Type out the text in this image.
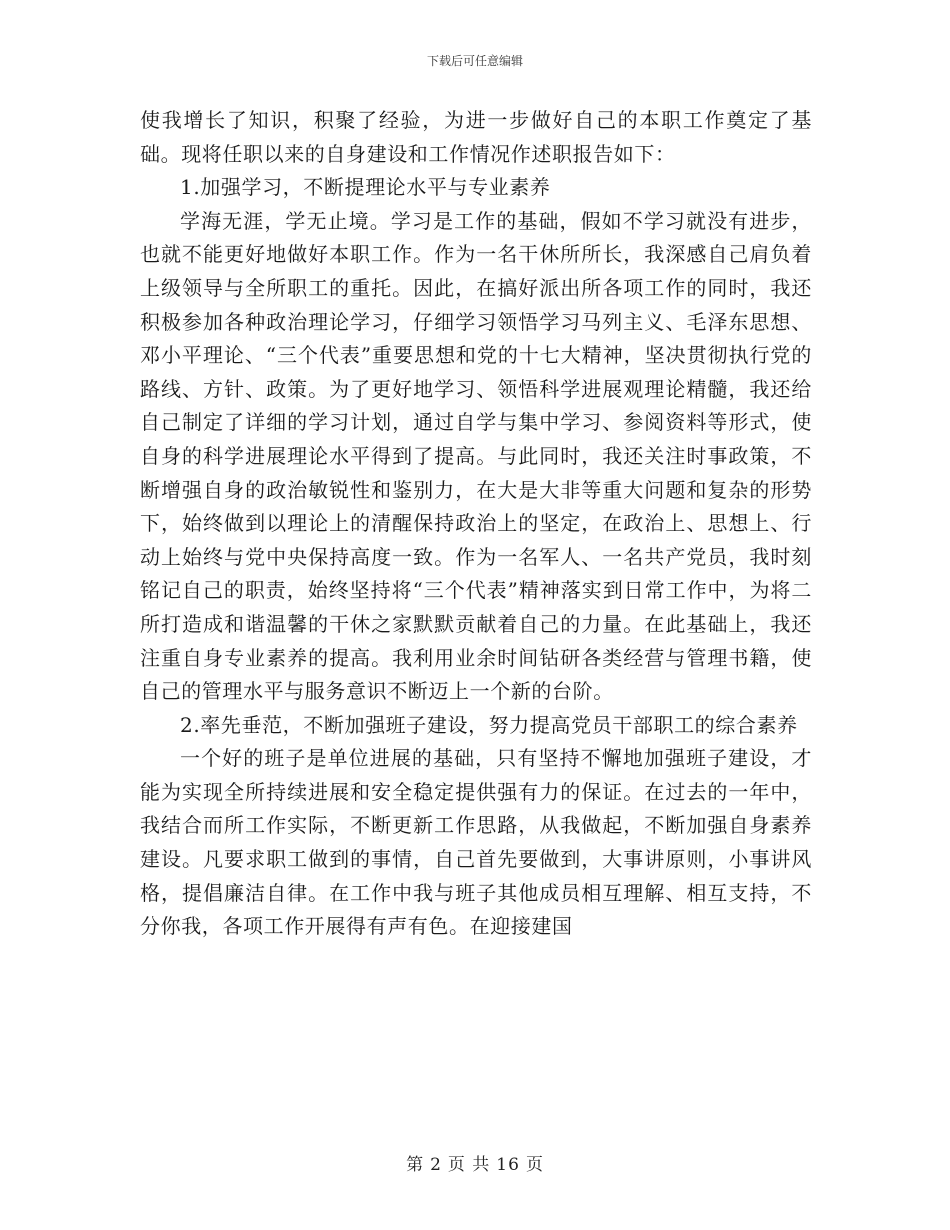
下载后可任意编辑

使我增长了知识，积聚了经验，为进一步做好自己的本职工作奠定了基础。现将任职以来的自身建设和工作情况作述职报告如下：

1.加强学习，不断提理论水平与专业素养

学海无涯，学无止境。学习是工作的基础，假如不学习就没有进步，也就不能更好地做好本职工作。作为一名干休所所长，我深感自己肩负着上级领导与全所职工的重托。因此，在搞好派出所各项工作的同时，我还积极参加各种政治理论学习，仔细学习领悟学习马列主义、毛泽东思想、邓小平理论、“三个代表”重要思想和党的十七大精神，坚决贯彻执行党的路线、方针、政策。为了更好地学习、领悟科学进展观理论精髓，我还给自己制定了详细的学习计划，通过自学与集中学习、参阅资料等形式，使自身的科学进展理论水平得到了提高。与此同时，我还关注时事政策，不断增强自身的政治敏锐性和鉴别力，在大是大非等重大问题和复杂的形势下，始终做到以理论上的清醒保持政治上的坚定，在政治上、思想上、行动上始终与党中央保持高度一致。作为一名军人、一名共产党员，我时刻铭记自己的职责，始终坚持将“三个代表”精神落实到日常工作中，为将二所打造成和谐温馨的干休之家默默贡献着自己的力量。在此基础上，我还注重自身专业素养的提高。我利用业余时间钻研各类经营与管理书籍，使自己的管理水平与服务意识不断迈上一个新的台阶。

2.率先垂范，不断加强班子建设，努力提高党员干部职工的综合素养

一个好的班子是单位进展的基础，只有坚持不懈地加强班子建设，才能为实现全所持续进展和安全稳定提供强有力的保证。在过去的一年中，我结合而所工作实际，不断更新工作思路，从我做起，不断加强自身素养建设。凡要求职工做到的事情，自己首先要做到，大事讲原则，小事讲风格，提倡廉洁自律。在工作中我与班子其他成员相互理解、相互支持，不分你我，各项工作开展得有声有色。在迎接建国

第 2 页 共 16 页
